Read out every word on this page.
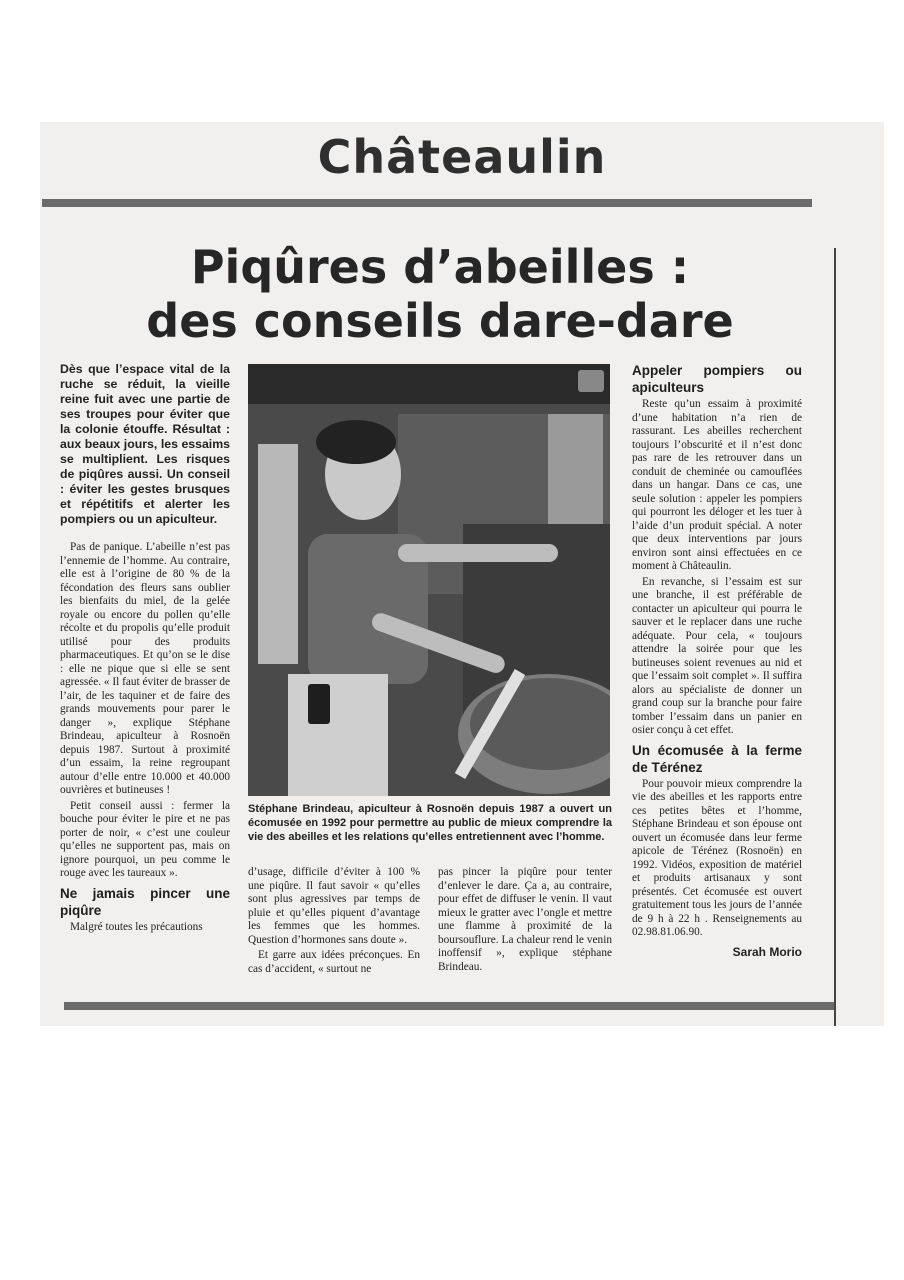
Châteaulin
Piqûres d’abeilles :
des conseils dare-dare
Dès que l’espace vital de la ruche se réduit, la vieille reine fuit avec une partie de ses troupes pour éviter que la colonie étouffe. Résultat : aux beaux jours, les essaims se multiplient. Les risques de piqûres aussi. Un conseil : éviter les gestes brusques et répétitifs et alerter les pompiers ou un apiculteur.

Pas de panique. L’abeille n’est pas l’ennemie de l’homme. Au contraire, elle est à l’origine de 80 % de la fécondation des fleurs sans oublier les bienfaits du miel, de la gelée royale ou encore du pollen qu’elle récolte et du propolis qu’elle produit utilisé pour des produits pharmaceutiques. Et qu’on se le dise : elle ne pique que si elle se sent agressée. « Il faut éviter de brasser de l’air, de les taquiner et de faire des grands mouvements pour parer le danger », explique Stéphane Brindeau, apiculteur à Rosnoën depuis 1987. Surtout à proximité d’un essaim, la reine regroupant autour d’elle entre 10.000 et 40.000 ouvrières et butineuses !

Petit conseil aussi : fermer la bouche pour éviter le pire et ne pas porter de noir, « c’est une couleur qu’elles ne supportent pas, mais on ignore pourquoi, un peu comme le rouge avec les taureaux ».

Ne jamais pincer une piqûre

Malgré toutes les précautions

Stéphane Brindeau, apiculteur à Rosnoën depuis 1987 a ouvert un écomusée en 1992 pour permettre au public de mieux comprendre la vie des abeilles et les relations qu’elles entretiennent avec l’homme.

d’usage, difficile d’éviter à 100 % une piqûre. Il faut savoir « qu’elles sont plus agressives par temps de pluie et qu’elles piquent d’avantage les femmes que les hommes. Question d’hormones sans doute ».

Et garre aux idées préconçues. En cas d’accident, « surtout ne

pas pincer la piqûre pour tenter d’enlever le dare. Ça a, au contraire, pour effet de diffuser le venin. Il vaut mieux le gratter avec l’ongle et mettre une flamme à proximité de la boursouflure. La chaleur rend le venin inoffensif », explique stéphane Brindeau.

Appeler pompiers ou apiculteurs

Reste qu’un essaim à proximité d’une habitation n’a rien de rassurant. Les abeilles recherchent toujours l’obscurité et il n’est donc pas rare de les retrouver dans un conduit de cheminée ou camouflées dans un hangar. Dans ce cas, une seule solution : appeler les pompiers qui pourront les déloger et les tuer à l’aide d’un produit spécial. A noter que deux interventions par jours environ sont ainsi effectuées en ce moment à Châteaulin.

En revanche, si l’essaim est sur une branche, il est préférable de contacter un apiculteur qui pourra le sauver et le replacer dans une ruche adéquate. Pour cela, « toujours attendre la soirée pour que les butineuses soient revenues au nid et que l’essaim soit complet ». Il suffira alors au spécialiste de donner un grand coup sur la branche pour faire tomber l’essaim dans un panier en osier conçu à cet effet.

Un écomusée à la ferme de Térénez

Pour pouvoir mieux comprendre la vie des abeilles et les rapports entre ces petites bêtes et l’homme, Stéphane Brindeau et son épouse ont ouvert un écomusée dans leur ferme apicole de Térénez (Rosnoën) en 1992. Vidéos, exposition de matériel et produits artisanaux y sont présentés. Cet écomusée est ouvert gratuitement tous les jours de l’année de 9 h à 22 h . Renseignements au 02.98.81.06.90.

Sarah Morio
